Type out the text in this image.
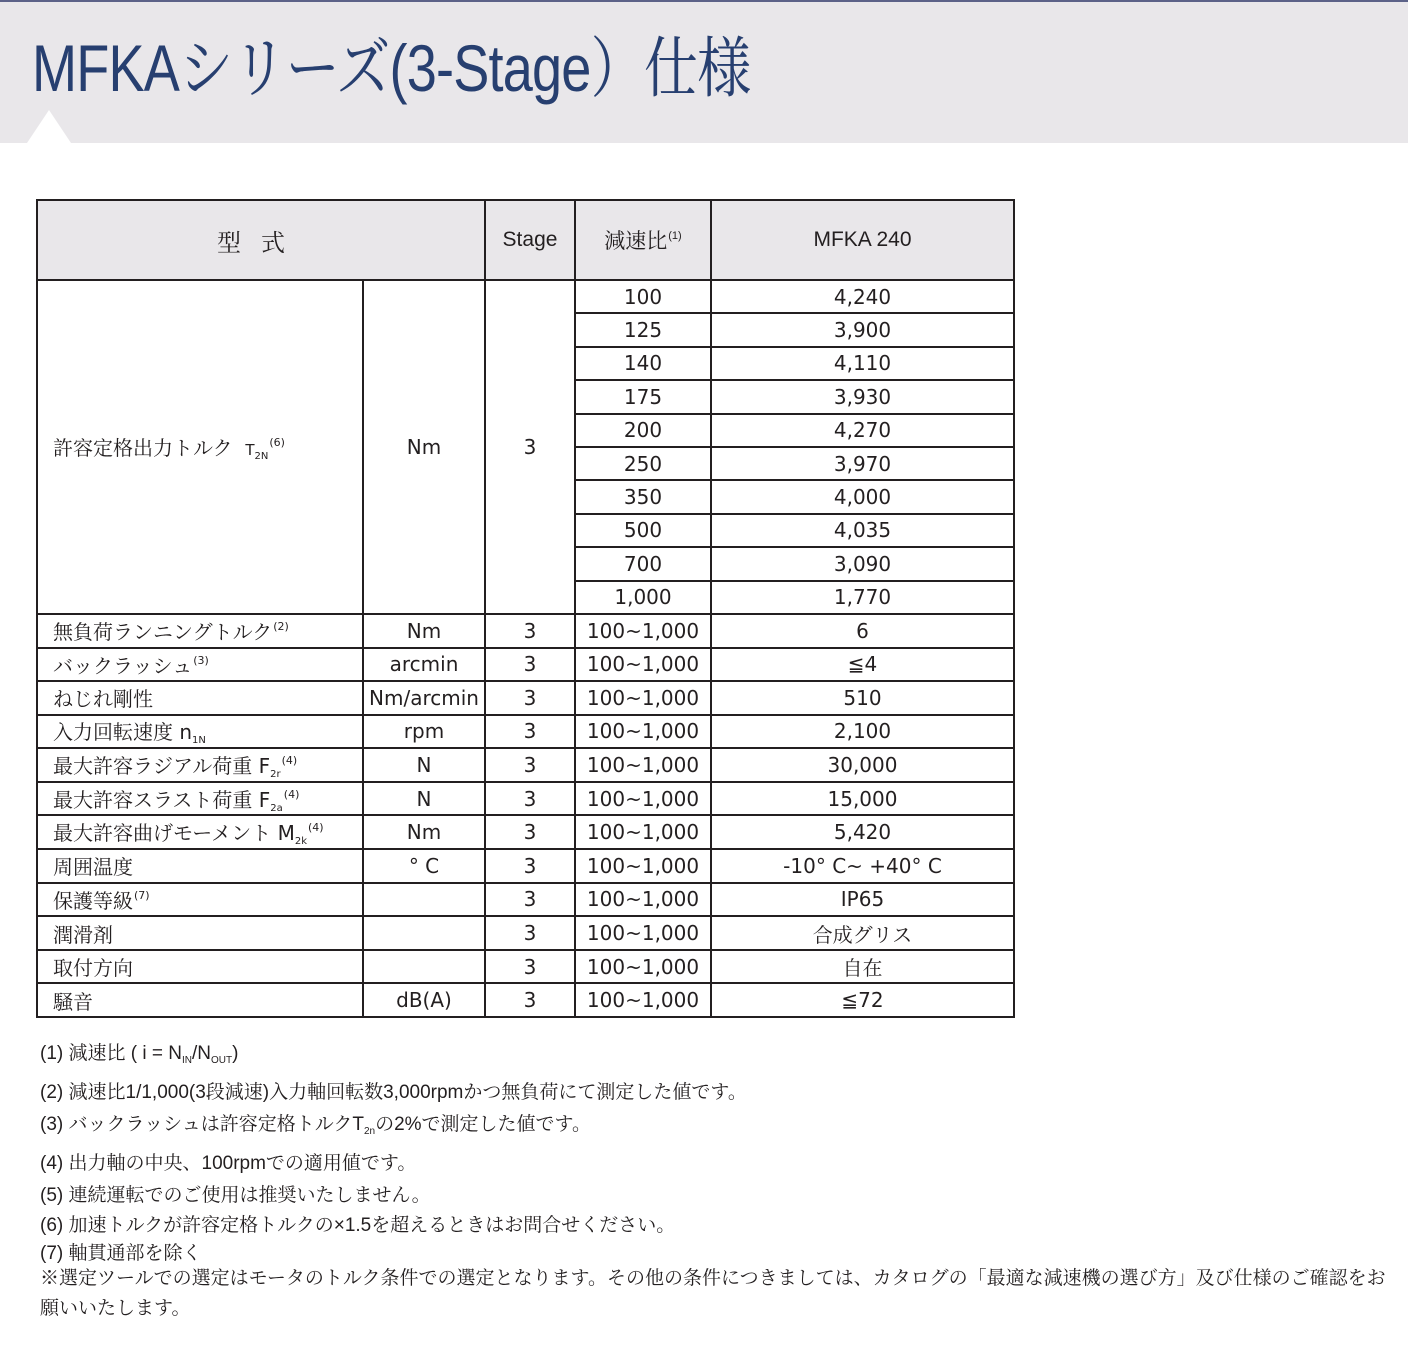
MFKAシリーズ(3-Stage）仕様
型式		Stage	減速比$^{(1)}$	MFKA 240
許容定格出力トルク $T_{2N}^{(6)}$	Nm	3	100	4,240
			125	3,900
			140	4,110
			175	3,930
			200	4,270
			250	3,970
			350	4,000
			500	4,035
			700	3,090
			1,000	1,770
無負荷ランニングトルク$^{(2)}$	Nm	3	100~1,000	6
バックラッシュ$^{(3)}$	arcmin	3	100~1,000	≦4
ねじれ剛性	Nm/arcmin	3	100~1,000	510
入力回転速度 $n_{1N}$	rpm	3	100~1,000	2,100
最大許容ラジアル荷重 $F_{2r}^{(4)}$	N	3	100~1,000	30,000
最大許容スラスト荷重 $F_{2a}^{(4)}$	N	3	100~1,000	15,000
最大許容曲げモーメント $M_{2k}^{(4)}$	Nm	3	100~1,000	5,420
周囲温度	° C	3	100~1,000	-10° C~ +40° C
保護等級$^{(7)}$		3	100~1,000	IP65
潤滑剤		3	100~1,000	合成グリス
取付方向		3	100~1,000	自在
騒音	dB(A)	3	100~1,000	≦72
(1) 減速比 ( $i = N_{IN}/N_{OUT}$)
(2) 減速比1/1,000(3段減速)入力軸回転数3,000rpmかつ無負荷にて測定した値です。
(3) バックラッシュは許容定格トルク$T_{2n}$の2%で測定した値です。
(4) 出力軸の中央、100rpmでの適用値です。
(5) 連続運転でのご使用は推奨いたしません。
(6) 加速トルクが許容定格トルクの×1.5を超えるときはお問合せください。
(7) 軸貫通部を除く
※選定ツールでの選定はモータのトルク条件での選定となります。その他の条件につきましては、カタログの「最適な減速機の選び方」及び仕様のご確認をお願いいたします。
